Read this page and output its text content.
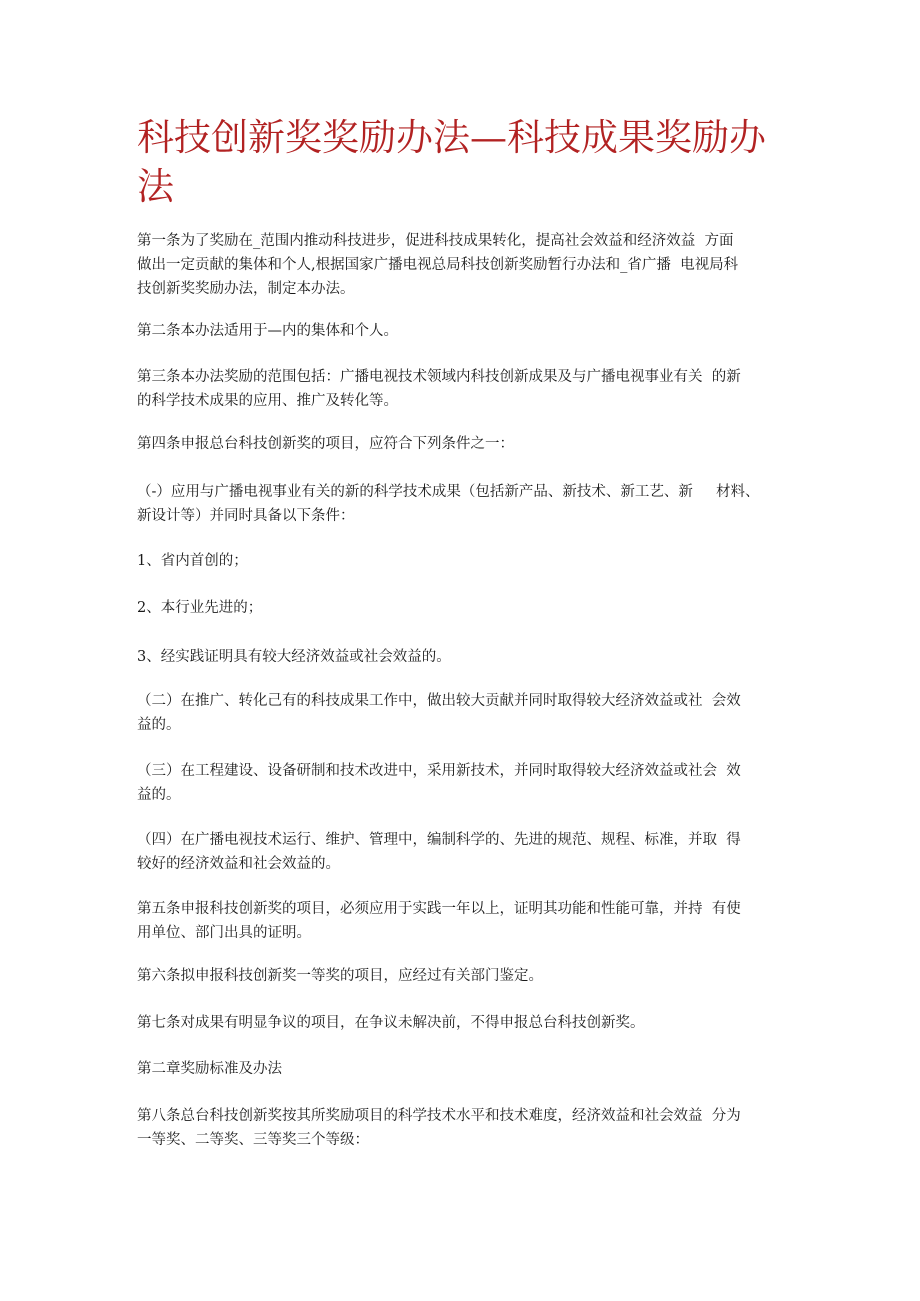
科技创新奖奖励办法—科技成果奖励办法

第一条为了奖励在_范围内推动科技进步，促进科技成果转化，提高社会效益和经济效益  方面
做出一定贡献的集体和个人,根据国家广播电视总局科技创新奖励暂行办法和_省广播  电视局科
技创新奖奖励办法，制定本办法。

第二条本办法适用于—内的集体和个人。

第三条本办法奖励的范围包括：广播电视技术领域内科技创新成果及与广播电视事业有关  的新
的科学技术成果的应用、推广及转化等。

第四条申报总台科技创新奖的项目，应符合下列条件之一：

（-）应用与广播电视事业有关的新的科学技术成果（包括新产品、新技术、新工艺、新     材料、
新设计等）并同时具备以下条件：

1、省内首创的；

2、本行业先进的；

3、经实践证明具有较大经济效益或社会效益的。

（二）在推广、转化己有的科技成果工作中，做出较大贡献并同时取得较大经济效益或社  会效
益的。

（三）在工程建设、设备研制和技术改进中，采用新技术，并同时取得较大经济效益或社会  效
益的。

（四）在广播电视技术运行、维护、管理中，编制科学的、先进的规范、规程、标准，并取  得
较好的经济效益和社会效益的。

第五条申报科技创新奖的项目，必须应用于实践一年以上，证明其功能和性能可靠，并持  有使
用单位、部门出具的证明。

第六条拟申报科技创新奖一等奖的项目，应经过有关部门鉴定。

第七条对成果有明显争议的项目，在争议未解决前，不得申报总台科技创新奖。

第二章奖励标准及办法

第八条总台科技创新奖按其所奖励项目的科学技术水平和技术难度，经济效益和社会效益  分为
一等奖、二等奖、三等奖三个等级：
